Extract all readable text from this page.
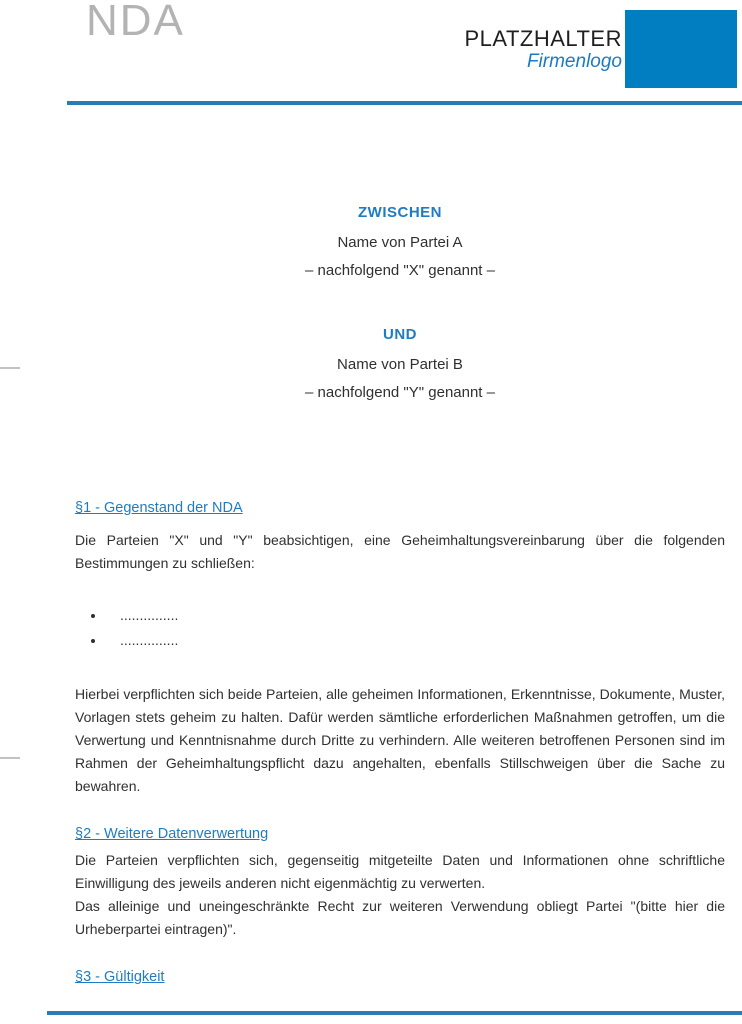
NDA	PLATZHALTER
Firmenlogo

ZWISCHEN

Name von Partei A

– nachfolgend "X" genannt –

UND

Name von Partei B

– nachfolgend "Y" genannt –

§1 - Gegenstand der NDA

Die Parteien "X" und "Y" beabsichtigen, eine Geheimhaltungsvereinbarung über die folgenden Bestimmungen zu schließen:

• ...............
• ...............

Hierbei verpflichten sich beide Parteien, alle geheimen Informationen, Erkenntnisse, Dokumente, Muster, Vorlagen stets geheim zu halten. Dafür werden sämtliche erforderlichen Maßnahmen getroffen, um die Verwertung und Kenntnisnahme durch Dritte zu verhindern. Alle weiteren betroffenen Personen sind im Rahmen der Geheimhaltungspflicht dazu angehalten, ebenfalls Stillschweigen über die Sache zu bewahren.

§2 - Weitere Datenverwertung

Die Parteien verpflichten sich, gegenseitig mitgeteilte Daten und Informationen ohne schriftliche Einwilligung des jeweils anderen nicht eigenmächtig zu verwerten.

Das alleinige und uneingeschränkte Recht zur weiteren Verwendung obliegt Partei "(bitte hier die Urheberpartei eintragen)".

§3 - Gültigkeit
